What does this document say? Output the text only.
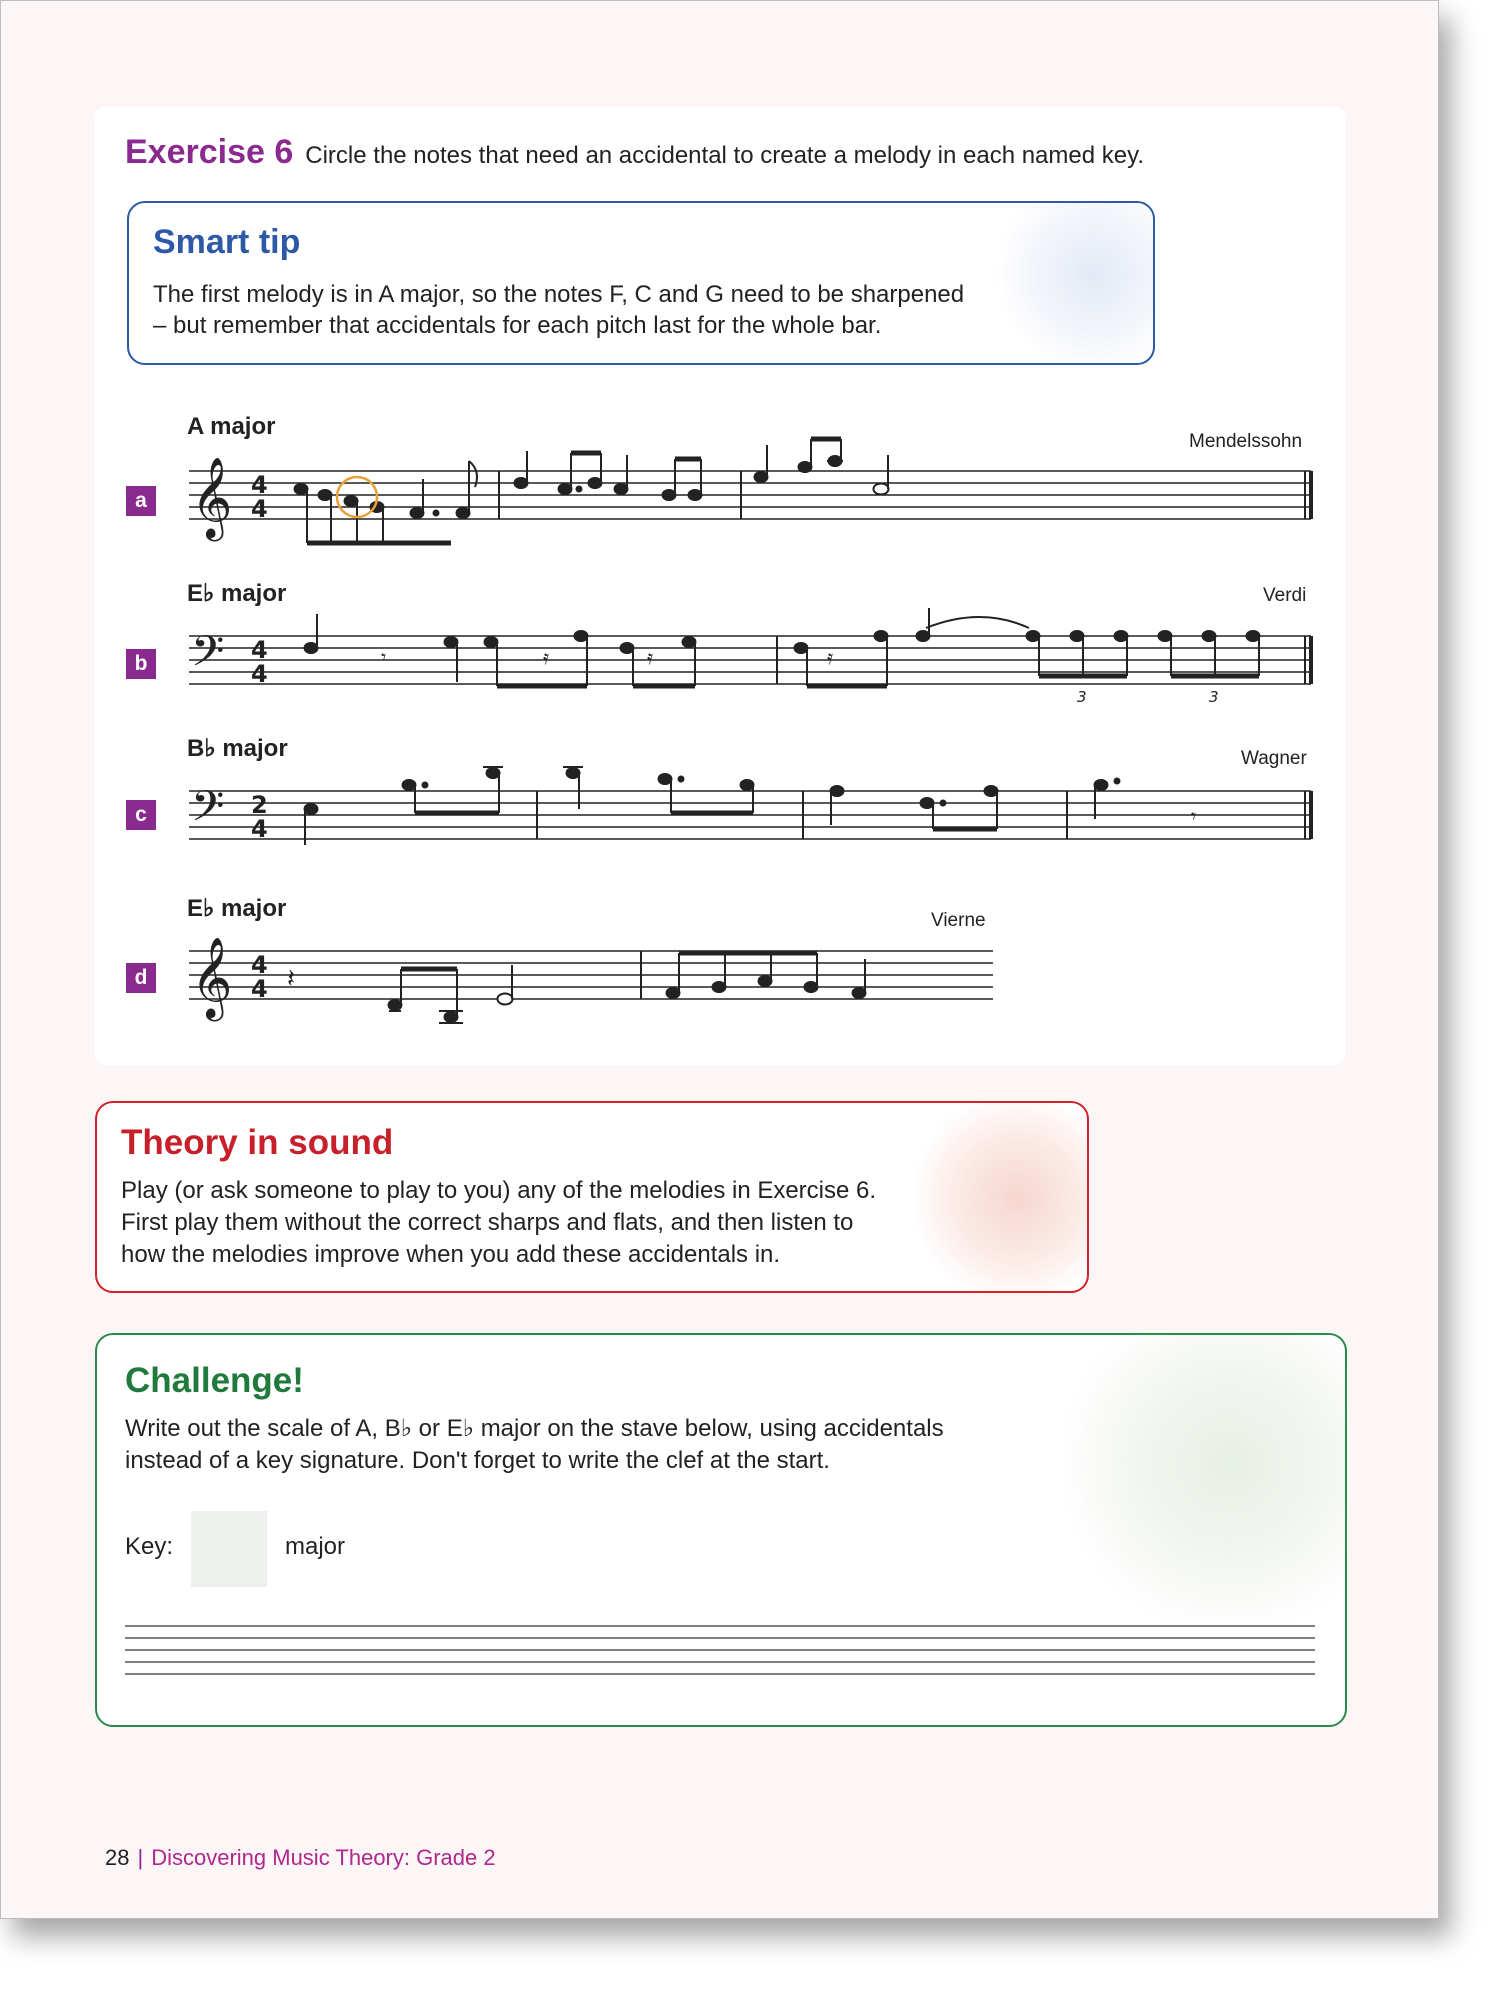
Exercise 6 Circle the notes that need an accidental to create a melody in each named key.
Smart tip
The first melody is in A major, so the notes F, C and G need to be sharpened
– but remember that accidentals for each pitch last for the whole bar.
A major
Mendelssohn
a 𝄞 4
4
E♭ major	Verdi
b 𝄢 4
4
𝄾	𝄿	𝄿	𝄿
3	3
B♭ major	Wagner
c 𝄢 2
4	𝄾
E♭ major	Vierne
d 𝄞 4
4 𝄽
Theory in sound
Play (or ask someone to play to you) any of the melodies in Exercise 6.
First play them without the correct sharps and flats, and then listen to
how the melodies improve when you add these accidentals in.
Challenge!
Write out the scale of A, B♭ or E♭ major on the stave below, using accidentals
instead of a key signature. Don't forget to write the clef at the start.
Key:	major
28 | Discovering Music Theory: Grade 2
